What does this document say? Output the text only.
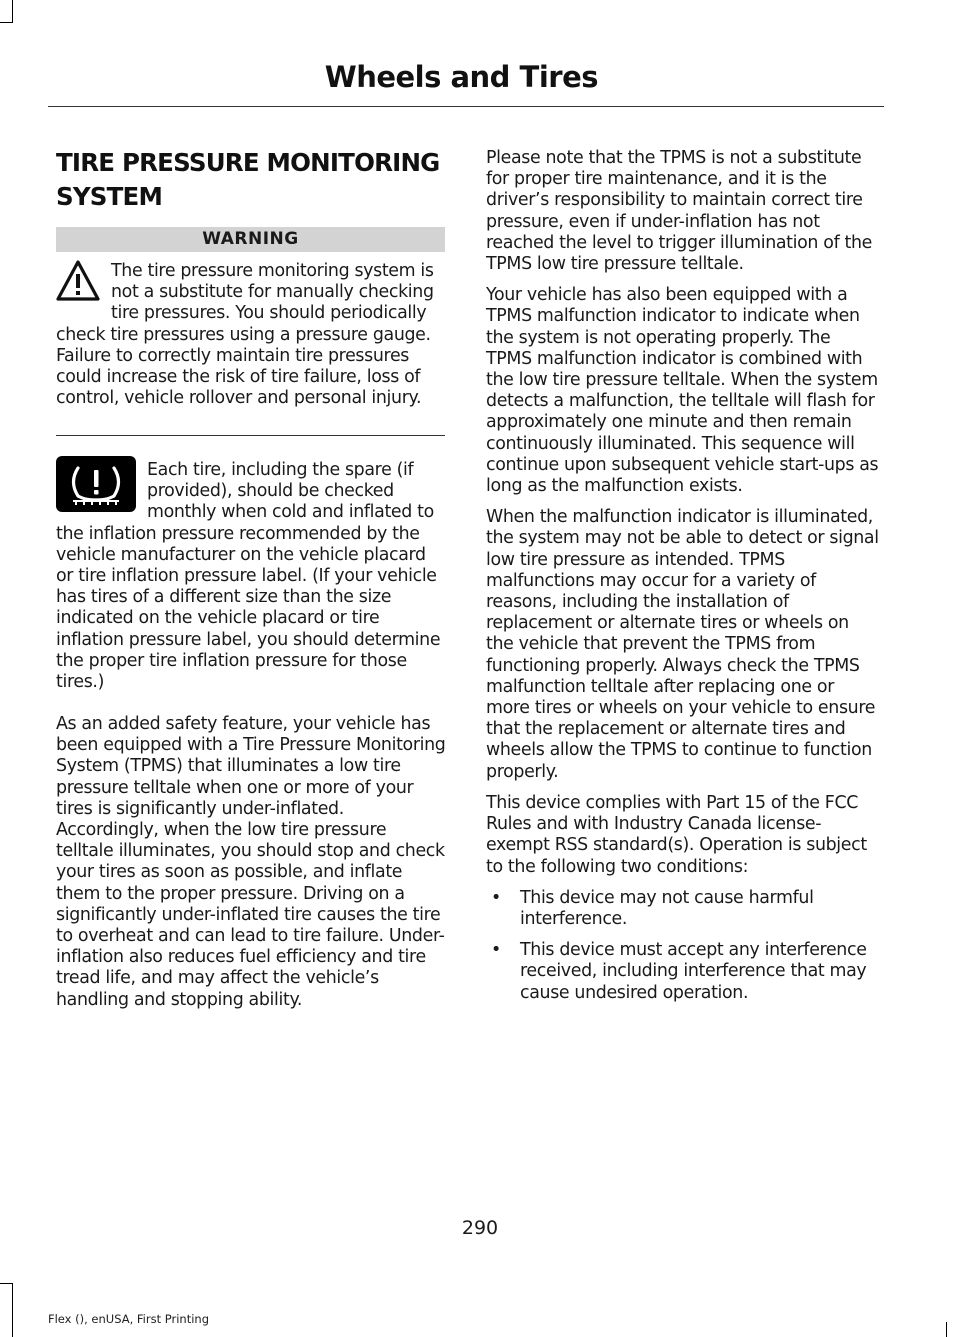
Wheels and Tires
TIRE PRESSURE MONITORING SYSTEM
WARNING

The tire pressure monitoring system is not a substitute for manually checking tire pressures. You should periodically check tire pressures using a pressure gauge. Failure to correctly maintain tire pressures could increase the risk of tire failure, loss of control, vehicle rollover and personal injury.

Each tire, including the spare (if provided), should be checked monthly when cold and inflated to the inflation pressure recommended by the vehicle manufacturer on the vehicle placard or tire inflation pressure label. (If your vehicle has tires of a different size than the size indicated on the vehicle placard or tire inflation pressure label, you should determine the proper tire inflation pressure for those tires.)

As an added safety feature, your vehicle has been equipped with a Tire Pressure Monitoring System (TPMS) that illuminates a low tire pressure telltale when one or more of your tires is significantly under-inflated. Accordingly, when the low tire pressure telltale illuminates, you should stop and check your tires as soon as possible, and inflate them to the proper pressure. Driving on a significantly under-inflated tire causes the tire to overheat and can lead to tire failure. Under-inflation also reduces fuel efficiency and tire tread life, and may affect the vehicle’s handling and stopping ability.

Please note that the TPMS is not a substitute for proper tire maintenance, and it is the driver’s responsibility to maintain correct tire pressure, even if under-inflation has not reached the level to trigger illumination of the TPMS low tire pressure telltale.

Your vehicle has also been equipped with a TPMS malfunction indicator to indicate when the system is not operating properly. The TPMS malfunction indicator is combined with the low tire pressure telltale. When the system detects a malfunction, the telltale will flash for approximately one minute and then remain continuously illuminated. This sequence will continue upon subsequent vehicle start-ups as long as the malfunction exists.

When the malfunction indicator is illuminated, the system may not be able to detect or signal low tire pressure as intended. TPMS malfunctions may occur for a variety of reasons, including the installation of replacement or alternate tires or wheels on the vehicle that prevent the TPMS from functioning properly. Always check the TPMS malfunction telltale after replacing one or more tires or wheels on your vehicle to ensure that the replacement or alternate tires and wheels allow the TPMS to continue to function properly.

This device complies with Part 15 of the FCC Rules and with Industry Canada license-exempt RSS standard(s). Operation is subject to the following two conditions:

• This device may not cause harmful interference.
• This device must accept any interference received, including interference that may cause undesired operation.
290
Flex (), enUSA, First Printing
